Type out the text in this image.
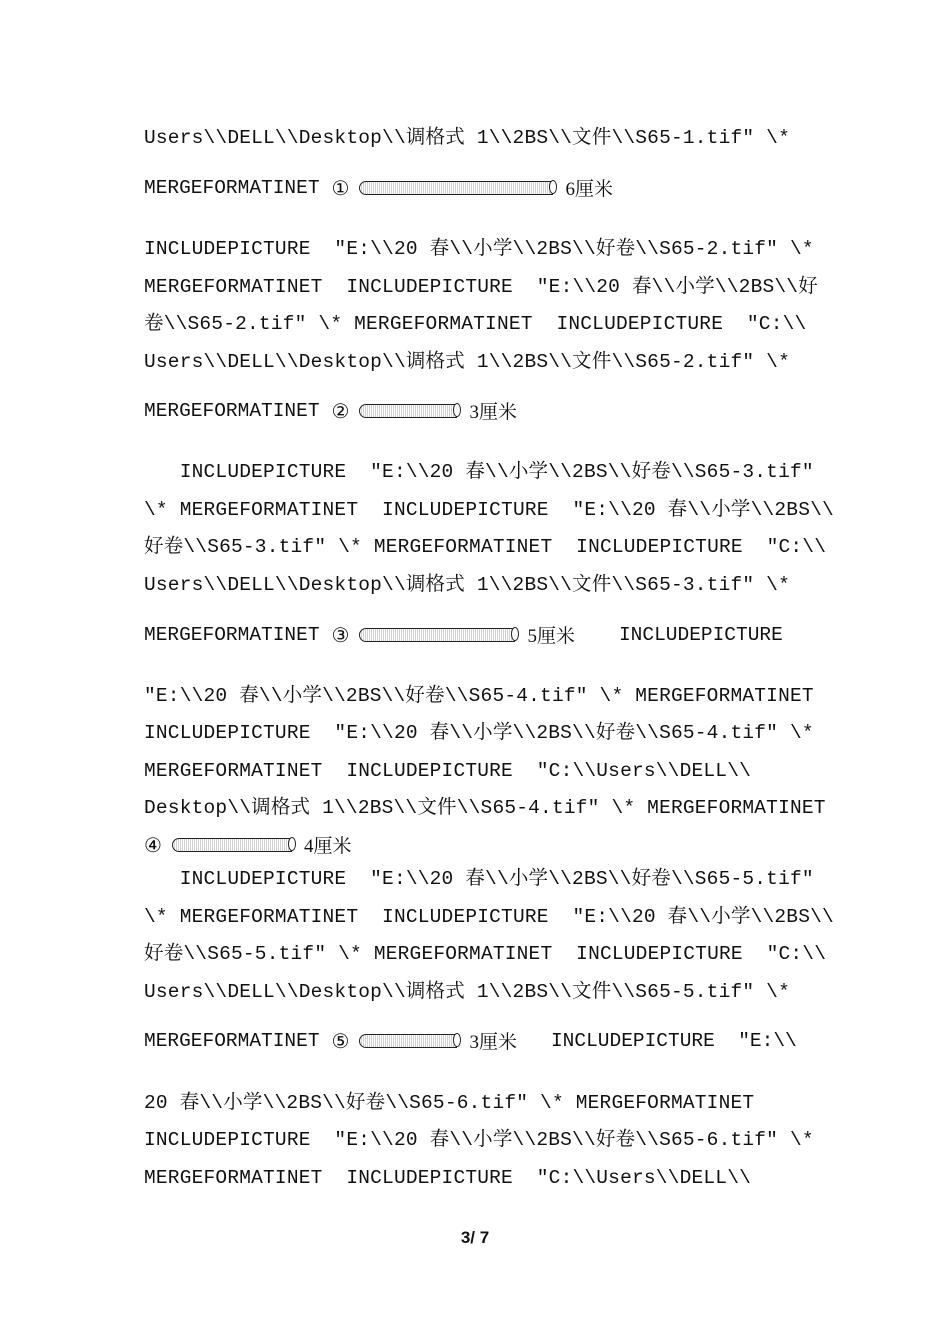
Users\\DELL\\Desktop\\调格式 1\\2BS\\文件\\S65-1.tif" \*
MERGEFORMATINET ①	6厘米
INCLUDEPICTURE  "E:\\20 春\\小学\\2BS\\好卷\\S65-2.tif" \*
MERGEFORMATINET  INCLUDEPICTURE  "E:\\20 春\\小学\\2BS\\好
卷\\S65-2.tif" \* MERGEFORMATINET  INCLUDEPICTURE  "C:\\
Users\\DELL\\Desktop\\调格式 1\\2BS\\文件\\S65-2.tif" \*
MERGEFORMATINET ②	3厘米
INCLUDEPICTURE  "E:\\20 春\\小学\\2BS\\好卷\\S65-3.tif"
\* MERGEFORMATINET  INCLUDEPICTURE  "E:\\20 春\\小学\\2BS\\
好卷\\S65-3.tif" \* MERGEFORMATINET  INCLUDEPICTURE  "C:\\
Users\\DELL\\Desktop\\调格式 1\\2BS\\文件\\S65-3.tif" \*
MERGEFORMATINET ③	5厘米 INCLUDEPICTURE
"E:\\20 春\\小学\\2BS\\好卷\\S65-4.tif" \* MERGEFORMATINET
INCLUDEPICTURE  "E:\\20 春\\小学\\2BS\\好卷\\S65-4.tif" \*
MERGEFORMATINET  INCLUDEPICTURE  "C:\\Users\\DELL\\
Desktop\\调格式 1\\2BS\\文件\\S65-4.tif" \* MERGEFORMATINET
④	4厘米
INCLUDEPICTURE  "E:\\20 春\\小学\\2BS\\好卷\\S65-5.tif"
\* MERGEFORMATINET  INCLUDEPICTURE  "E:\\20 春\\小学\\2BS\\
好卷\\S65-5.tif" \* MERGEFORMATINET  INCLUDEPICTURE  "C:\\
Users\\DELL\\Desktop\\调格式 1\\2BS\\文件\\S65-5.tif" \*
MERGEFORMATINET ⑤	3厘米 INCLUDEPICTURE  "E:\\
20 春\\小学\\2BS\\好卷\\S65-6.tif" \* MERGEFORMATINET
INCLUDEPICTURE  "E:\\20 春\\小学\\2BS\\好卷\\S65-6.tif" \*
MERGEFORMATINET  INCLUDEPICTURE  "C:\\Users\\DELL\\
3/ 7
